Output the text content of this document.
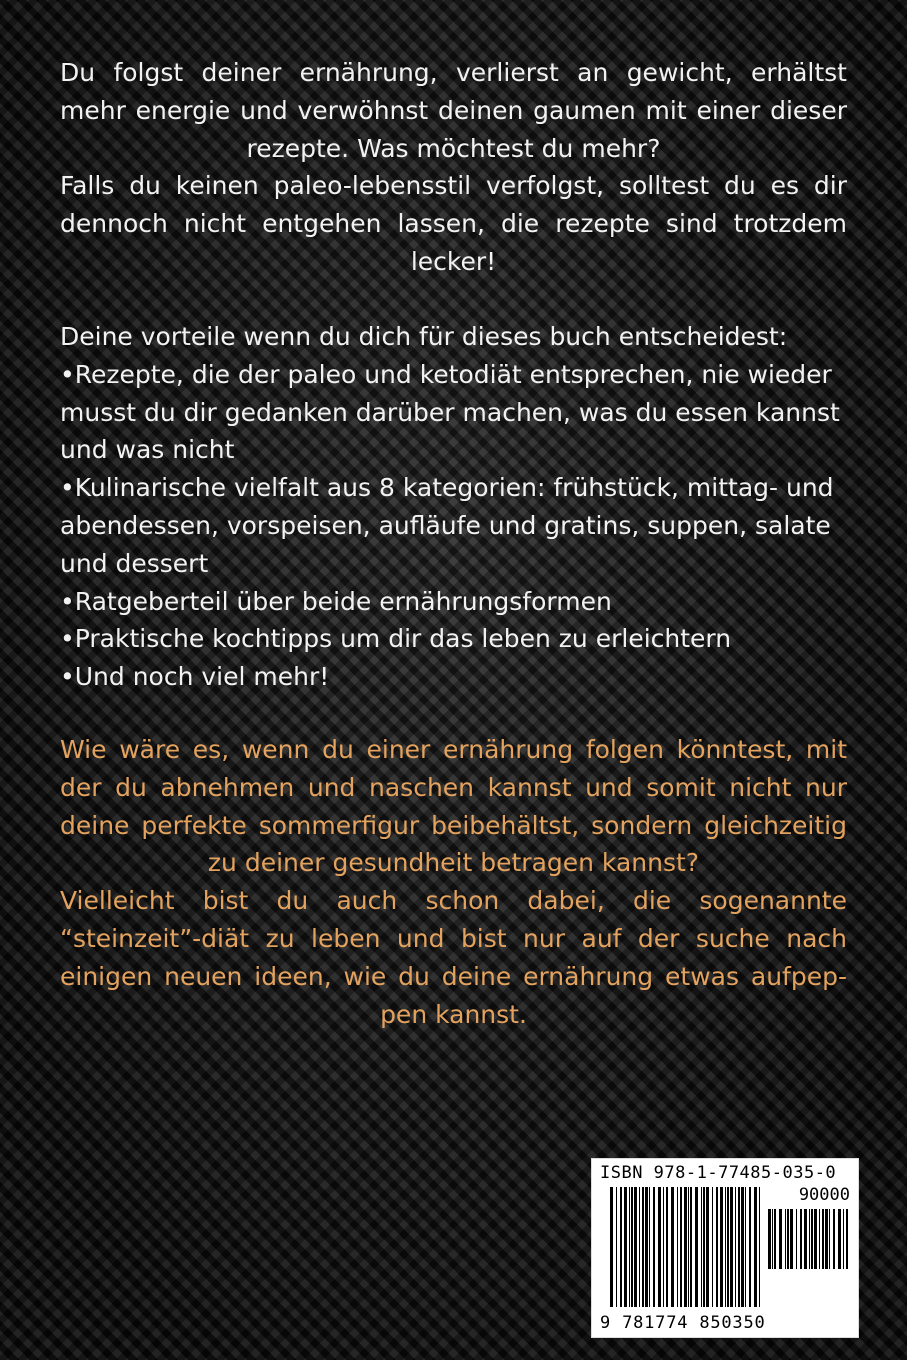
Du folgst deiner ernährung, verlierst an gewicht, erhältst mehr energie und verwöhnst deinen gaumen mit einer dieser rezepte. Was möchtest du mehr?

Falls du keinen paleo-lebensstil verfolgst, solltest du es dir dennoch nicht entgehen lassen, die rezepte sind trotzdem lecker!

Deine vorteile wenn du dich für dieses buch entscheidest:

• Rezepte, die der paleo und ketodiät entsprechen, nie wieder musst du dir gedanken darüber machen, was du essen kannst und was nicht

• Kulinarische vielfalt aus 8 kategorien: frühstück, mittag- und abendessen, vorspeisen, aufläufe und gratins, suppen, salate und dessert

• Ratgeberteil über beide ernährungsformen

• Praktische kochtipps um dir das leben zu erleichtern

• Und noch viel mehr!

Wie wäre es, wenn du einer ernährung folgen könntest, mit der du abnehmen und naschen kannst und somit nicht nur deine perfekte sommerfigur beibehältst, sondern gleichzeitig zu deiner gesundheit betragen kannst?

Vielleicht bist du auch schon dabei, die sogenannte “steinzeit”-diät zu leben und bist nur auf der suche nach einigen neuen ideen, wie du deine ernährung etwas aufpep-pen kannst.

ISBN 978-1-77485-035-0
90000
9 781774 850350
